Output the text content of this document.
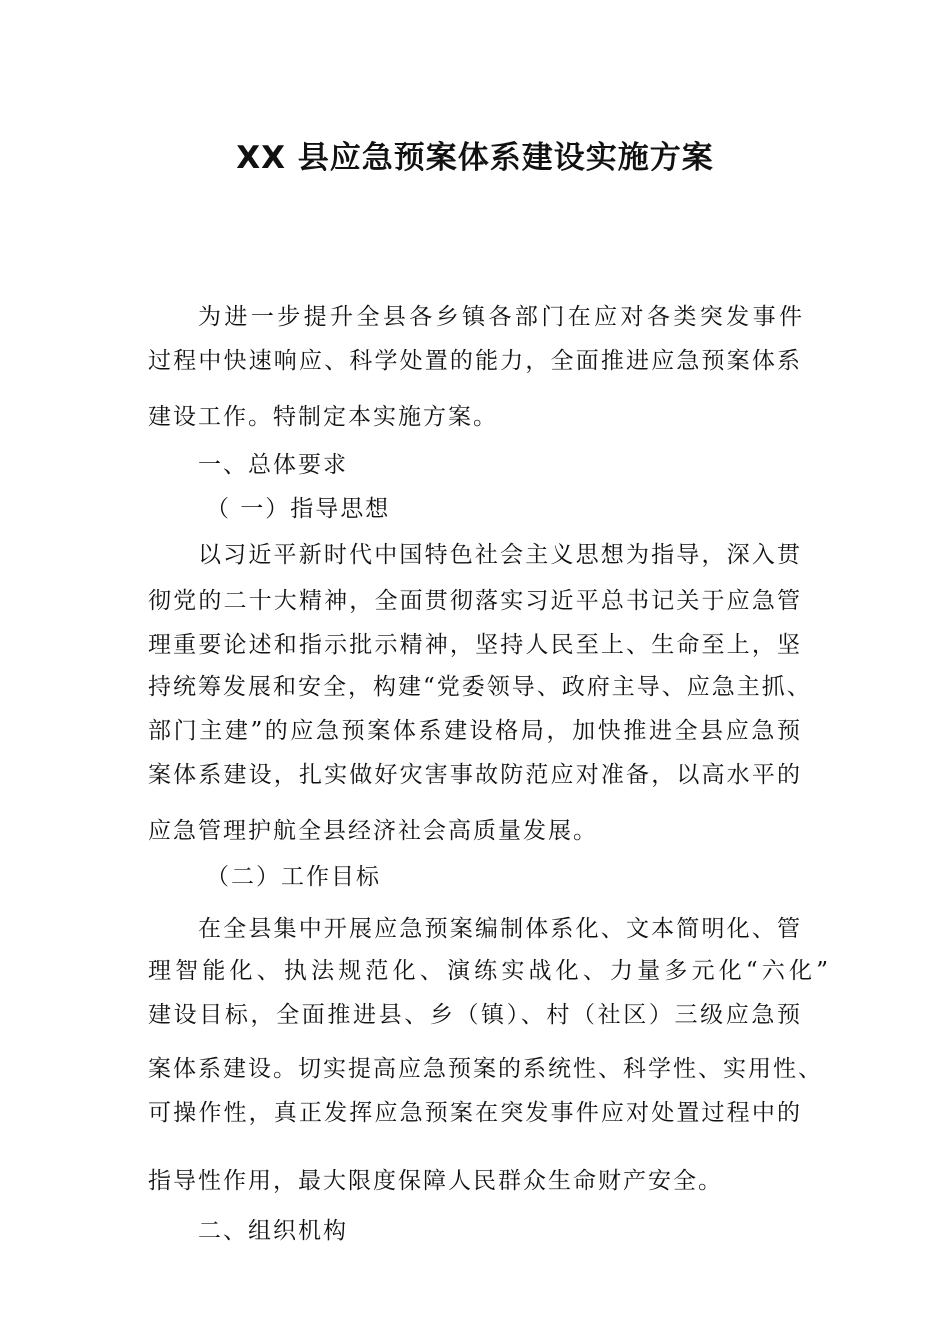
XX 县应急预案体系建设实施方案

为进一步提升全县各乡镇各部门在应对各类突发事件

过程中快速响应、科学处置的能力，全面推进应急预案体系

建设工作。特制定本实施方案。

一、总体要求

（ 一）指导思想

以习近平新时代中国特色社会主义思想为指导，深入贯

彻党的二十大精神，全面贯彻落实习近平总书记关于应急管

理重要论述和指示批示精神，坚持人民至上、生命至上，坚

持统筹发展和安全，构建“党委领导、政府主导、应急主抓、

部门主建”的应急预案体系建设格局，加快推进全县应急预

案体系建设，扎实做好灾害事故防范应对准备，以高水平的

应急管理护航全县经济社会高质量发展。

（二）工作目标

在全县集中开展应急预案编制体系化、文本简明化、管

理智能化、执法规范化、演练实战化、力量多元化“六化”

建设目标，全面推进县、乡（镇）、村（社区）三级应急预

案体系建设。切实提高应急预案的系统性、科学性、实用性、

可操作性，真正发挥应急预案在突发事件应对处置过程中的

指导性作用，最大限度保障人民群众生命财产安全。

二、组织机构
